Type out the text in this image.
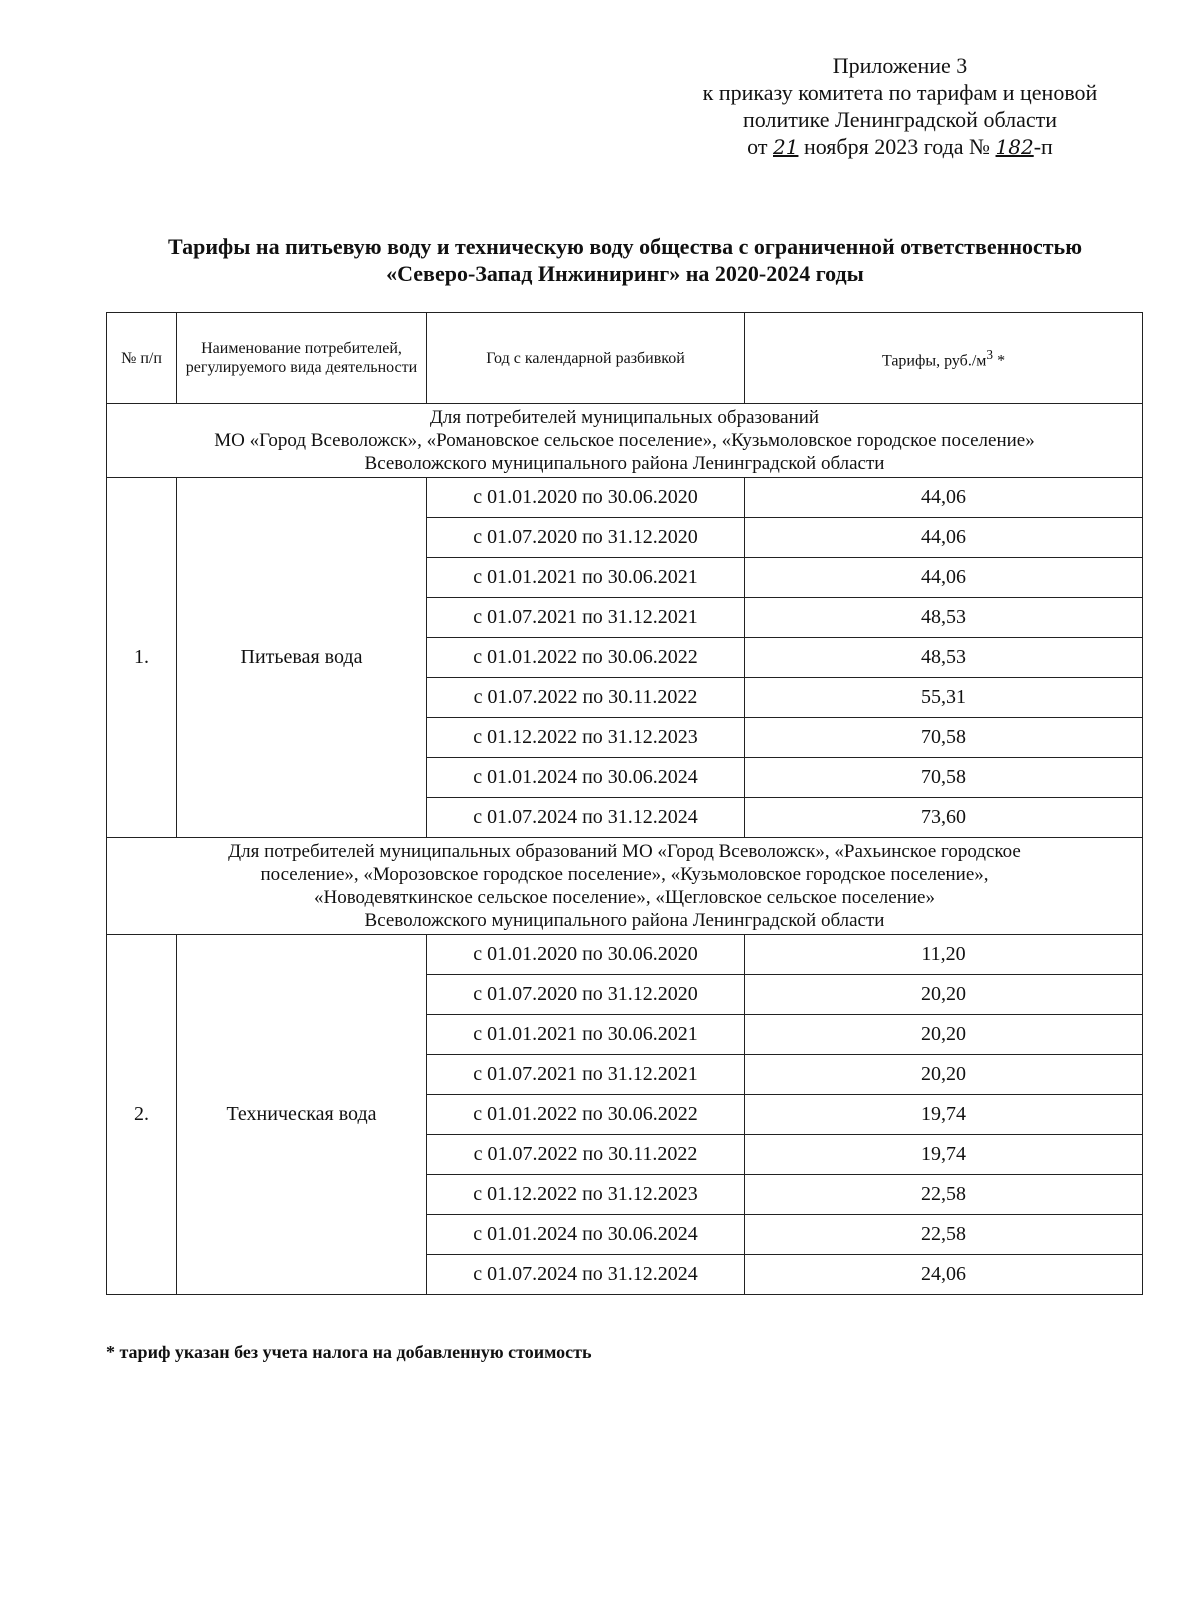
Приложение 3
к приказу комитета по тарифам и ценовой
политике Ленинградской области
от 21 ноября 2023 года № 182-п
Тарифы на питьевую воду и техническую воду общества с ограниченной ответственностью
«Северо-Запад Инжиниринг» на 2020-2024 годы
№ п/п	Наименование потребителей, регулируемого вида деятельности	Год с календарной разбивкой	Тарифы, $руб./м^3$ *

Для потребителей муниципальных образований
МО «Город Всеволожск», «Романовское сельское поселение», «Кузьмоловское городское поселение»
Всеволожского муниципального района Ленинградской области			

1.	Питьевая вода	с 01.01.2020 по 30.06.2020	44,06
		с 01.07.2020 по 31.12.2020	44,06
		с 01.01.2021 по 30.06.2021	44,06
		с 01.07.2021 по 31.12.2021	48,53
		с 01.01.2022 по 30.06.2022	48,53
		с 01.07.2022 по 30.11.2022	55,31
		с 01.12.2022 по 31.12.2023	70,58
		с 01.01.2024 по 30.06.2024	70,58
		с 01.07.2024 по 31.12.2024	73,60

Для потребителей муниципальных образований МО «Город Всеволожск», «Рахьинское городское
поселение», «Морозовское городское поселение», «Кузьмоловское городское поселение»,
«Новодевяткинское сельское поселение», «Щегловское сельское поселение»
Всеволожского муниципального района Ленинградской области			

2.	Техническая вода	с 01.01.2020 по 30.06.2020	11,20
		с 01.07.2020 по 31.12.2020	20,20
		с 01.01.2021 по 30.06.2021	20,20
		с 01.07.2021 по 31.12.2021	20,20
		с 01.01.2022 по 30.06.2022	19,74
		с 01.07.2022 по 30.11.2022	19,74
		с 01.12.2022 по 31.12.2023	22,58
		с 01.01.2024 по 30.06.2024	22,58
		с 01.07.2024 по 31.12.2024	24,06
* тариф указан без учета налога на добавленную стоимость
